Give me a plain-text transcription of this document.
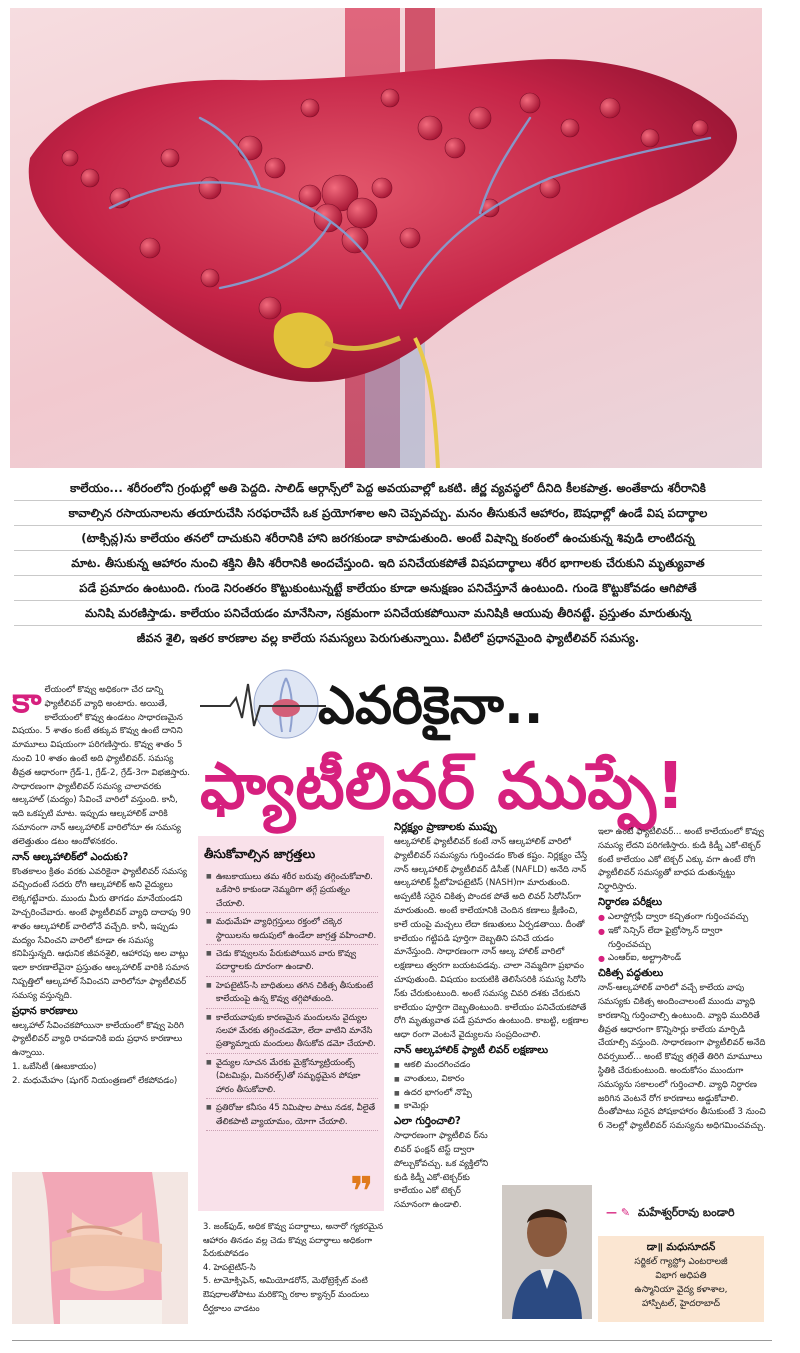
కాలేయం... శరీరంలోని గ్రంథుల్లో అతి పెద్దది. సాలిడ్ ఆర్గాన్స్‌లో పెద్ద అవయవాల్లో ఒకటి. జీర్ణ వ్యవస్థలో దీనిది కీలకపాత్ర. అంతేకాదు శరీరానికి
కావాల్సిన రసాయనాలను తయారుచేసి సరఫరాచేసే ఒక ప్రయోగశాల అని చెప్పవచ్చు. మనం తీసుకునే ఆహారం, ఔషధాల్లో ఉండే విష పదార్థాల
(టాక్సిన్ల)ను కాలేయం తనలో దాచుకుని శరీరానికి హాని జరగకుండా కాపాడుతుంది. అంటే విషాన్ని కంఠంలో ఉంచుకున్న శివుడి లాంటిదన్న
మాట. తీసుకున్న ఆహారం నుంచి శక్తిని తీసి శరీరానికి అందచేస్తుంది. ఇది పనిచేయకపోతే విషపదార్థాలు శరీర భాగాలకు చేరుకుని మృత్యువాత
పడే ప్రమాదం ఉంటుంది. గుండె నిరంతరం కొట్టుకుంటున్నట్టే కాలేయం కూడా అనుక్షణం పనిచేస్తూనే ఉంటుంది. గుండె కొట్టుకోవడం ఆగిపోతే
మనిషి మరణిస్తాడు. కాలేయం పనిచేయడం మానేసినా, సక్రమంగా పనిచేయకపోయినా మనిషికి ఆయువు తీరినట్టే. ప్రస్తుతం మారుతున్న
జీవన శైలి, ఇతర కారణాల వల్ల కాలేయ సమస్యలు పెరుగుతున్నాయి. వీటిలో ప్రధానమైంది ఫ్యాటీలివర్ సమస్య.
ఎవరికైనా..
ఫ్యాటీలివర్ ముప్పే!

కా లేయంలో కొవ్వు అధికంగా చేర డాన్ని ఫ్యాటీలివర్ వ్యాధి అంటారు. అయితే, కాలేయంలో కొవ్వు ఉండటం సాధారణమైన విషయం. 5 శాతం కంటే తక్కువ కొవ్వు ఉంటే దానిని మామూలు విషయంగా పరిగణిస్తారు. కొవ్వు శాతం 5 నుంచి 10 శాతం ఉంటే అది ఫ్యాటీలివర్. సమస్య తీవ్రత ఆధారంగా గ్రేడ్-1, గ్రేడ్-2, గ్రేడ్-3గా విభజిస్తారు. సాధారణంగా ఫ్యాటీలివర్ సమస్య చాలావరకు ఆల్కహాల్ (మద్యం) సేవించే వారిలో వస్తుంది. కానీ, ఇది ఒకప్పటి మాట. ఇప్పుడు ఆల్కహాలిక్ వారికి సమానంగా నాన్ ఆల్కహాలిక్ వారిలోనూ ఈ సమస్య తలెత్తుతుం డటం ఆందోళనకరం.

నాన్ ఆల్కహాలిక్‌లో ఎందుకు?

కొంతకాలం క్రితం వరకు ఎవరికైనా ఫ్యాటీలివర్ సమస్య వచ్చిందంటే సదరు రోగి ఆల్కహాలిక్ అని వైద్యులు లెక్కగట్టేవారు. ముందు మీరు తాగడం మానేయండని హెచ్చరించేవారు. అంటే ఫ్యాటీలివర్ వ్యాధి దాదాపు 90 శాతం ఆల్కహాలిక్ వారిలోనే వచ్చేది. కానీ, ఇప్పుడు మద్యం సేవించని వారిలో కూడా ఈ సమస్య కనిపిస్తున్నది. ఆధునిక జీవనశైలి, ఆహారపు అల వాట్లు ఇలా కారణాలేవైనా ప్రస్తుతం ఆల్కహాలిక్ వారికి సమాన నిష్పత్తిలో ఆల్కహాల్ సేవించని వారిలోనూ ఫ్యాటీలివర్ సమస్య వస్తున్నది.

ప్రధాన కారణాలు

ఆల్కహాల్ సేవించకపోయినా కాలేయంలో కొవ్వు పెరిగి ఫ్యాటీలివర్ వ్యాధి రావడానికి ఐదు ప్రధాన కారణాలు ఉన్నాయి.

1. ఒబేసిటీ (ఊబకాయం)

2. మధుమేహం (షుగర్ నియంత్రణలో లేకపోవడం)

తీసుకోవాల్సిన జాగ్రత్తలు
■ ఊబకాయులు తమ శరీర బరువు తగ్గించుకోవాలి. ఒకేసారి కాకుండా నెమ్మదిగా తగ్గే ప్రయత్నం చేయాలి.
■ మధుమేహ వ్యాధిగ్రస్తులు రక్తంలో చక్కెర స్థాయిలను అదుపులో ఉండేలా జాగ్రత్త వహించాలి.
■ చెడు కొవ్వులను పేరుకుపోయిన వారు కొవ్వు పదార్థాలకు దూరంగా ఉండాలి.
■ హెపటైటిస్-సి బాధితులు తగిన చికిత్స తీసుకుంటే కాలేయంపై ఉన్న కొవ్వు తగ్గిపోతుంది.
■ కాలేయవాపుకు కారణమైన మందులను వైద్యుల సలహా మేరకు తగ్గించడమో, లేదా వాటిని మానేసి ప్రత్యామ్నాయ మందులు తీసుకోవ డమో చేయాలి.
■ వైద్యుల సూచన మేరకు మైక్రోన్యూట్రియంట్స్ (విటమిన్లు, మినరల్స్)తో సమృద్ధమైన పోషకా హారం తీసుకోవాలి.
■ ప్రతిరోజు కనీసం 45 నిమిషాల పాటు నడక, వీలైతే తేలికపాటి వ్యాయామం, యోగా చేయాలి.
❞

3. జంక్‌ఫుడ్, అధిక కొవ్వు పదార్థాలు, అనారో గ్యకరమైన ఆహారం తినడం వల్ల చెడు కొవ్వు పదార్థాలు అధికంగా పేరుకుపోవడం

4. హెపటైటిస్-సి

5. టామోక్సిఫెన్, అమియోడరోన్, మెథోట్రెక్సేట్ వంటి ఔషధాలతోపాటు మరికొన్ని రకాల క్యాన్సర్ మందులు దీర్ఘకాలం వాడటం

నిర్లక్ష్యం ప్రాణాలకు ముప్పు

ఆల్కహాలిక్ ఫ్యాటీలివర్ కంటే నాన్ ఆల్కహాలిక్ వారిలో ఫ్యాటీలివర్ సమస్యను గుర్తించడం కొంత కష్టం. నిర్లక్ష్యం చేస్తే నాన్ ఆల్కహాలిక్ ఫ్యాటీలివర్ డిసీజ్ (NAFLD) అనేది నాన్ ఆల్కహాలిక్ స్టీటోహెపటైటిస్ (NASH)గా మారుతుంది. అప్పటికీ సరైన చికిత్స పొందక పోతే అది లివర్ సిరోసిస్‌గా మారుతుంది. అంటే కాలేయానికి చెందిన కణాలు క్షీణించి, కాలే యంపై మచ్చలు లేదా కణుతులు ఏర్పడతాయి. దీంతో కాలేయం గట్టిపడి పూర్తిగా దెబ్బతిని పనిచే యడం మానేస్తుంది. సాధారణంగా నాన్ ఆల్క హాలిక్ వారిలో లక్షణాలు త్వరగా బయటపడవు. చాలా నెమ్మదిగా ప్రభావం చూపుతుంది. విషయం బయటికి తెలిసేసరికి సమస్య సిరోసి స్‌కు చేరుకుంటుంది. అంటే సమస్య చివరి దశకు చేరుకుని కాలేయం పూర్తిగా దెబ్బతింటుంది. కాలేయం పనిచేయకపోతే రోగి మృత్యువాత పడే ప్రమాదం ఉంటుంది. కాబట్టి, లక్షణాల ఆధా రంగా వెంటనే వైద్యులను సంప్రదించాలి.

నాన్ ఆల్కహాలిక్ ఫ్యాటీ లివర్ లక్షణాలు

■ ఆకలి మందగించడం
■ వాంతులు, వికారం
■ ఉదర భాగంలో నొప్పి
■ కామెర్లు

ఎలా గుర్తించాలి?

సాధారణంగా ఫ్యాటీలివ ర్‌ను లివర్ ఫంక్షన్ టెస్ట్ ద్వారా పోల్చుకోవచ్చు. ఒక వ్యక్తిలోని కుడి కిడ్నీ ఎకో-టెక్చర్‌కు కాలేయం ఎకో టెక్చర్ సమానంగా ఉండాలి.

ఇలా ఉంటే ఫ్యాటీలివర్... అంటే కాలేయంలో కొవ్వు సమస్య లేదని పరిగణిస్తారు. కుడి కిడ్నీ ఎకో-టెక్చర్ కంటే కాలేయం ఎకో టెక్చర్ ఎక్కు వగా ఉంటే రోగి ఫ్యాటీలివర్ సమస్యతో బాధప డుతున్నట్టు నిర్ధారిస్తారు.

నిర్ధారణ పరీక్షలు

● ఎలాస్టోగ్రఫీ ద్వారా కచ్చితంగా గుర్తించవచ్చు
● ఇకో సెన్సిస్ లేదా ఫైబ్రోస్కాన్ ద్వారా గుర్తించవచ్చు
● ఎంఆర్ఐ, అల్ట్రాసౌండ్

చికిత్స పద్ధతులు

నాన్-ఆల్కహాలిక్ వారిలో వచ్చే కాలేయ వాపు సమస్యకు చికిత్స అందించాలంటే ముందు వ్యాధి కారణాన్ని గుర్తించాల్సి ఉంటుంది. వ్యాధి ముదిరితే తీవ్రత ఆధారంగా కొన్నిసార్లు కాలేయ మార్పిడి చేయాల్సి వస్తుంది. సాధారణంగా ఫ్యాటీలివర్ అనేది రివర్సబుల్... అంటే కొవ్వు తగ్గితే తిరిగి మామూలు స్థితికి చేరుకుంటుంది. అందుకోసం ముందుగా సమస్యను సకాలంలో గుర్తించాలి. వ్యాధి నిర్ధారణ జరిగిన వెంటనే రోగ కారణాలు అడ్డుకోవాలి. దీంతోపాటు సరైన పోషకాహారం తీసుకుంటే 3 నుంచి 6 నెలల్లో ఫ్యాటీలివర్ సమస్యను అధిగమించవచ్చు.

— ✎ మహేశ్వర్‌రావు బండారి
డా॥ మధుసూదన్
సర్జికల్ గ్యాస్ట్రో ఎంటరాలజీ
విభాగ అధిపతి
ఉస్మానియా వైద్య కళాశాల,
హాస్పిటల్, హైదరాబాద్
